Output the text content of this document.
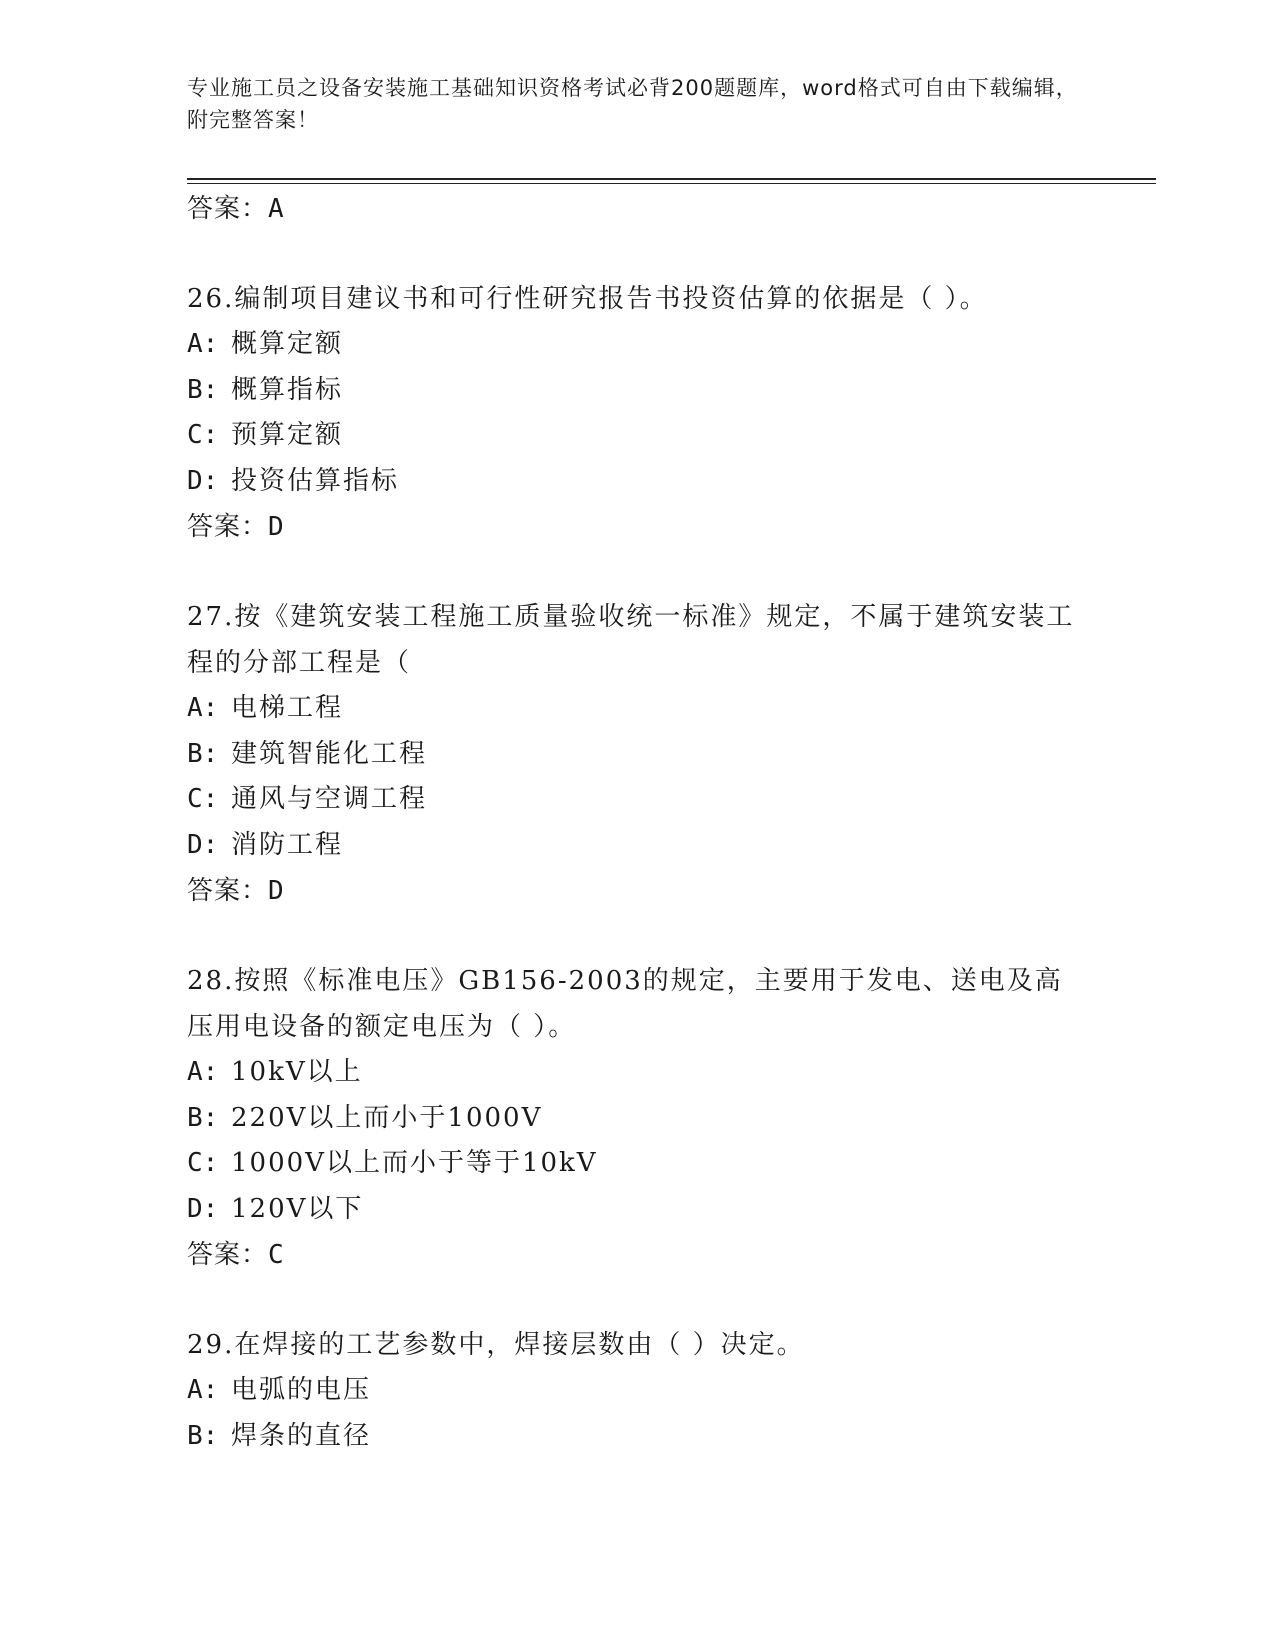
专业施工员之设备安装施工基础知识资格考试必背200题题库，word格式可自由下载编辑，附完整答案！
答案：A
26.编制项目建议书和可行性研究报告书投资估算的依据是（ ）。
A: 概算定额
B: 概算指标
C: 预算定额
D: 投资估算指标
答案：D
27.按《建筑安装工程施工质量验收统一标准》规定，不属于建筑安装工程的分部工程是（
A: 电梯工程
B: 建筑智能化工程
C: 通风与空调工程
D: 消防工程
答案：D
28.按照《标准电压》GB156-2003的规定，主要用于发电、送电及高压用电设备的额定电压为（ ）。
A: 10kV以上
B: 220V以上而小于1000V
C: 1000V以上而小于等于10kV
D: 120V以下
答案：C
29.在焊接的工艺参数中，焊接层数由（ ）决定。
A: 电弧的电压
B: 焊条的直径
